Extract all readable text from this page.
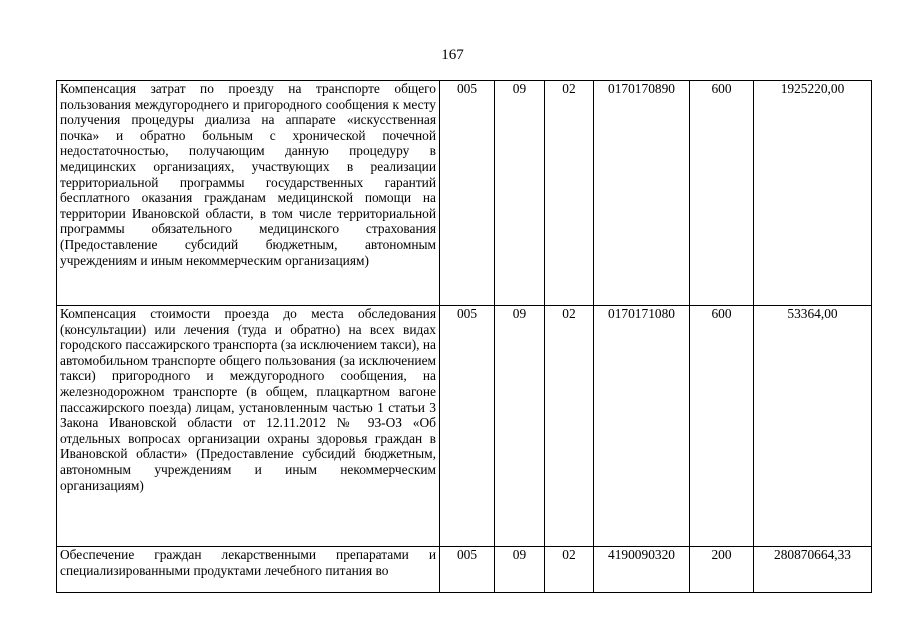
167
Компенсация затрат по проезду на транспорте общего пользования междугороднего и пригородного сообщения к месту получения процедуры диализа на аппарате «искусственная почка» и обратно больным с хронической почечной недостаточностью, получающим данную процедуру в медицинских организациях, участвующих в реализации территориальной программы государственных гарантий бесплатного оказания гражданам медицинской помощи на территории Ивановской области, в том числе территориальной программы обязательного медицинского страхования (Предоставление субсидий бюджетным, автономным учреждениям и иным некоммерческим организациям)	005	09	02	0170170890	600	1925220,00
Компенсация стоимости проезда до места обследования (консультации) или лечения (туда и обратно) на всех видах городского пассажирского транспорта (за исключением такси), на автомобильном транспорте общего пользования (за исключением такси) пригородного и междугородного сообщения, на железнодорожном транспорте (в общем, плацкартном вагоне пассажирского поезда) лицам, установленным частью 1 статьи 3 Закона Ивановской области от 12.11.2012 № 93-ОЗ «Об отдельных вопросах организации охраны здоровья граждан в Ивановской области» (Предоставление субсидий бюджетным, автономным учреждениям и иным некоммерческим организациям)	005	09	02	0170171080	600	53364,00
Обеспечение граждан лекарственными препаратами и специализированными продуктами лечебного питания во	005	09	02	4190090320	200	280870664,33
